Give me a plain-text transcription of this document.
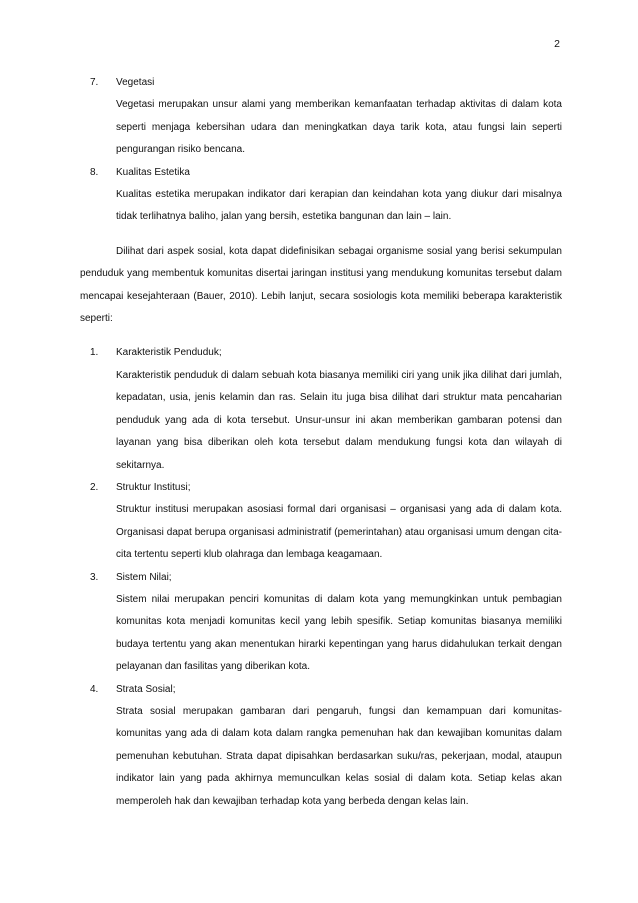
2
7. Vegetasi
Vegetasi merupakan unsur alami yang memberikan kemanfaatan terhadap aktivitas di dalam kota seperti menjaga kebersihan udara dan meningkatkan daya tarik kota, atau fungsi lain seperti pengurangan risiko bencana.
8. Kualitas Estetika
Kualitas estetika merupakan indikator dari kerapian dan keindahan kota yang diukur dari misalnya tidak terlihatnya baliho, jalan yang bersih, estetika bangunan dan lain – lain.

Dilihat dari aspek sosial, kota dapat didefinisikan sebagai organisme sosial yang berisi sekumpulan penduduk yang membentuk komunitas disertai jaringan institusi yang mendukung komunitas tersebut dalam mencapai kesejahteraan (Bauer, 2010). Lebih lanjut, secara sosiologis kota memiliki beberapa karakteristik seperti:

1. Karakteristik Penduduk;
Karakteristik penduduk di dalam sebuah kota biasanya memiliki ciri yang unik jika dilihat dari jumlah, kepadatan, usia, jenis kelamin dan ras. Selain itu juga bisa dilihat dari struktur mata pencaharian penduduk yang ada di kota tersebut. Unsur-unsur ini akan memberikan gambaran potensi dan layanan yang bisa diberikan oleh kota tersebut dalam mendukung fungsi kota dan wilayah di sekitarnya.
2. Struktur Institusi;
Struktur institusi merupakan asosiasi formal dari organisasi – organisasi yang ada di dalam kota. Organisasi dapat berupa organisasi administratif (pemerintahan) atau organisasi umum dengan cita-cita tertentu seperti klub olahraga dan lembaga keagamaan.
3. Sistem Nilai;
Sistem nilai merupakan penciri komunitas di dalam kota yang memungkinkan untuk pembagian komunitas kota menjadi komunitas kecil yang lebih spesifik. Setiap komunitas biasanya memiliki budaya tertentu yang akan menentukan hirarki kepentingan yang harus didahulukan terkait dengan pelayanan dan fasilitas yang diberikan kota.
4. Strata Sosial;
Strata sosial merupakan gambaran dari pengaruh, fungsi dan kemampuan dari komunitas-komunitas yang ada di dalam kota dalam rangka pemenuhan hak dan kewajiban komunitas dalam pemenuhan kebutuhan. Strata dapat dipisahkan berdasarkan suku/ras, pekerjaan, modal, ataupun indikator lain yang pada akhirnya memunculkan kelas sosial di dalam kota. Setiap kelas akan memperoleh hak dan kewajiban terhadap kota yang berbeda dengan kelas lain.
